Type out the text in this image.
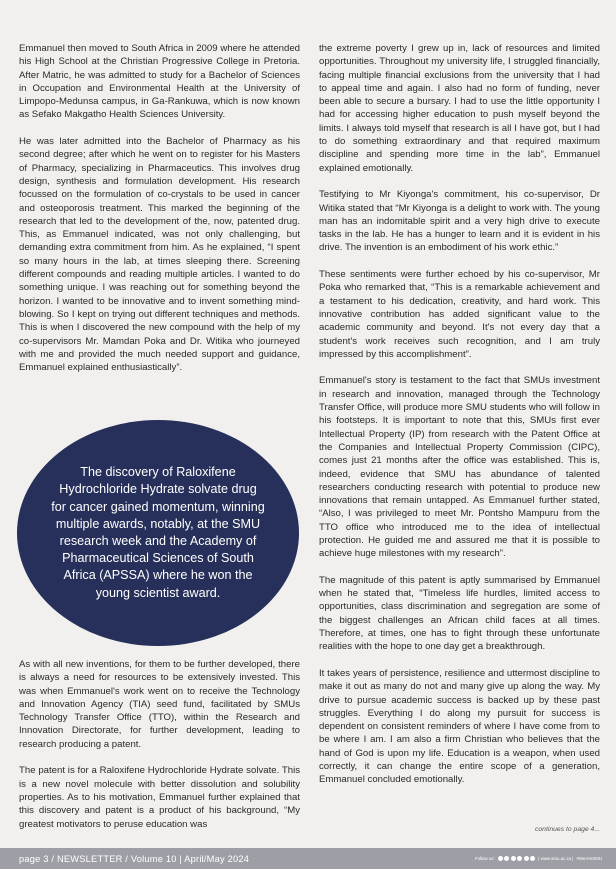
Emmanuel then moved to South Africa in 2009 where he attended his High School at the Christian Progressive College in Pretoria. After Matric, he was admitted to study for a Bachelor of Sciences in Occupation and Environmental Health at the University of Limpopo-Medunsa campus, in Ga-Rankuwa, which is now known as Sefako Makgatho Health Sciences University.

He was later admitted into the Bachelor of Pharmacy as his second degree; after which he went on to register for his Masters of Pharmacy, specializing in Pharmaceutics. This involves drug design, synthesis and formulation development. His research focussed on the formulation of co-crystals to be used in cancer and osteoporosis treatment. This marked the beginning of the research that led to the development of the, now, patented drug. This, as Emmanuel indicated, was not only challenging, but demanding extra commitment from him. As he explained, “I spent so many hours in the lab, at times sleeping there. Screening different compounds and reading multiple articles. I wanted to do something unique. I was reaching out for something beyond the horizon. I wanted to be innovative and to invent something mind-blowing. So I kept on trying out different techniques and methods. This is when I discovered the new compound with the help of my co-supervisors Mr. Mamdan Poka and Dr. Witika who journeyed with me and provided the much needed support and guidance, Emmanuel explained enthusiastically”.

The discovery of Raloxifene Hydrochloride Hydrate solvate drug for cancer gained momentum, winning multiple awards, notably, at the SMU research week and the Academy of Pharmaceutical Sciences of South Africa (APSSA) where he won the young scientist award.

As with all new inventions, for them to be further developed, there is always a need for resources to be extensively invested. This was when Emmanuel's work went on to receive the Technology and Innovation Agency (TIA) seed fund, facilitated by SMUs Technology Transfer Office (TTO), within the Research and Innovation Directorate, for further development, leading to research producing a patent.

The patent is for a Raloxifene Hydrochloride Hydrate solvate. This is a new novel molecule with better dissolution and solubility properties. As to his motivation, Emmanuel further explained that this discovery and patent is a product of his background, “My greatest motivators to peruse education was

the extreme poverty I grew up in, lack of resources and limited opportunities. Throughout my university life, I struggled financially, facing multiple financial exclusions from the university that I had to appeal time and again. I also had no form of funding, never been able to secure a bursary. I had to use the little opportunity I had for accessing higher education to push myself beyond the limits. I always told myself that research is all I have got, but I had to do something extraordinary and that required maximum discipline and spending more time in the lab”, Emmanuel explained emotionally.

Testifying to Mr Kiyonga's commitment, his co-supervisor, Dr Witika stated that “Mr Kiyonga is a delight to work with. The young man has an indomitable spirit and a very high drive to execute tasks in the lab. He has a hunger to learn and it is evident in his drive. The invention is an embodiment of his work ethic.”

These sentiments were further echoed by his co-supervisor, Mr Poka who remarked that, “This is a remarkable achievement and a testament to his dedication, creativity, and hard work. This innovative contribution has added significant value to the academic community and beyond. It's not every day that a student's work receives such recognition, and I am truly impressed by this accomplishment”.

Emmanuel's story is testament to the fact that SMUs investment in research and innovation, managed through the Technology Transfer Office, will produce more SMU students who will follow in his footsteps. It is important to note that this, SMUs first ever Intellectual Property (IP) from research with the Patent Office at the Companies and Intellectual Property Commission (CIPC), comes just 21 months after the office was established. This is, indeed, evidence that SMU has abundance of talented researchers conducting research with potential to produce new innovations that remain untapped. As Emmanuel further stated, “Also, I was privileged to meet Mr. Pontsho Mampuru from the TTO office who introduced me to the idea of intellectual protection. He guided me and assured me that it is possible to achieve huge milestones with my research”.

The magnitude of this patent is aptly summarised by Emmanuel when he stated that, “Timeless life hurdles, limited access to opportunities, class discrimination and segregation are some of the biggest challenges an African child faces at all times. Therefore, at times, one has to fight through these unfortunate realities with the hope to one day get a breakthrough.

It takes years of persistence, resilience and uttermost discipline to make it out as many do not and many give up along the way. My drive to pursue academic success is backed up by these past struggles. Everything I do along my pursuit for success is dependent on consistent reminders of where I have come from to be where I am. I am also a firm Christian who believes that the hand of God is upon my life. Education is a weapon, when used correctly, it can change the entire scope of a generation, Emmanuel concluded emotionally.

continues to page 4...
page 3 / NEWSLETTER / Volume 10 | April/May 2024	Follow us:	| www.smu.ac.za | #WeAreSMU
